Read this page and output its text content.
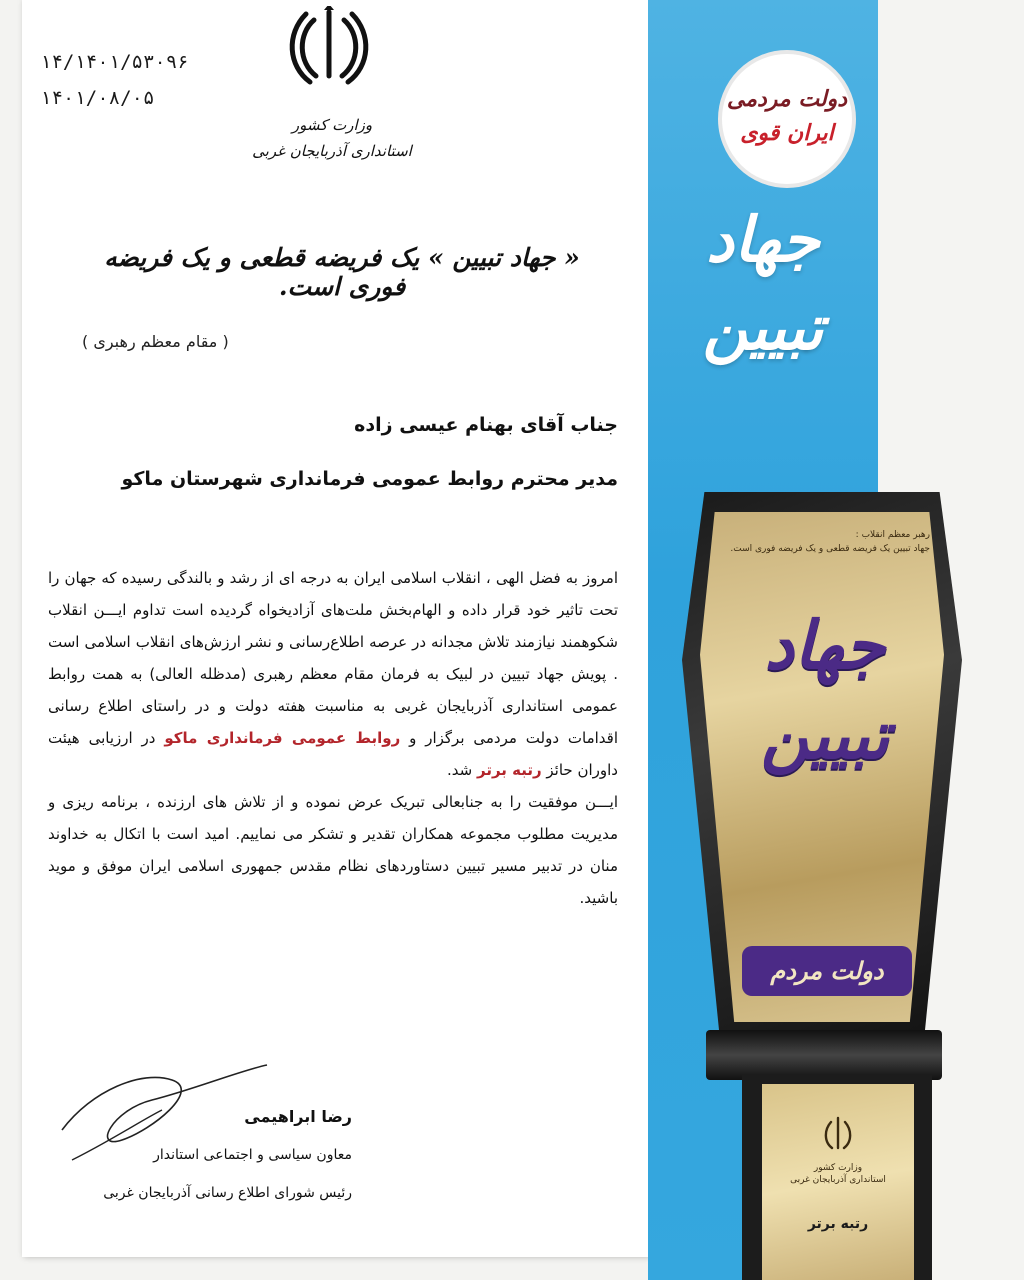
۱۴/۱۴۰۱/۵۳۰۹۶
۱۴۰۱/۰۸/۰۵
وزارت کشور
استانداری آذربایجان غربی
« جهاد تبیین » یک فریضه قطعی و یک فریضه فوری است.
( مقام معظم رهبری )
جناب آقای بهنام عیسی زاده
مدیر محترم روابط عمومی فرمانداری شهرستان ماکو

امروز به فضل الهی ، انقلاب اسلامی ایران به درجه ای از رشد و بالندگی رسیده که جهان را تحت تاثیر خود قرار داده و الهام‌بخش ملت‌های آزادیخواه گردیده است تداوم ایـــن انقلاب شکوهمند نیازمند تلاش مجدانه در عرصه اطلاع‌رسانی و نشر ارزش‌های انقلاب اسلامی است . پویش جهاد تبیین در لبیک به فرمان مقام معظم رهبری (مدظله العالی) به همت روابط عمومی استانداری آذربایجان غربی به مناسبت هفته دولت و در راستای اطلاع رسانی اقدامات دولت مردمی برگزار و روابط عمومی فرمانداری ماکو در ارزیابی هیئت داوران حائز رتبه برتر شد.

ایـــن موفقیت را به جنابعالی تبریک عرض نموده و از تلاش های ارزنده ، برنامه ریزی و مدیریت مطلوب مجموعه همکاران تقدیر و تشکر می نماییم. امید است با اتکال به خداوند منان در تدبیر مسیر تبیین دستاوردهای نظام مقدس جمهوری اسلامی ایران موفق و موید باشید.

رضا ابراهیمی
معاون سیاسی و اجتماعی استاندار
رئیس شورای اطلاع رسانی آذربایجان غربی
دولت مردمی
ایران قوی
جهاد
تبیین
رهبر معظم انقلاب :
جهاد تبیین یک فریضه قطعی و یک فریضه فوری است.
جهاد
تبیین
دولت مردم
وزارت کشور
استانداری آذربایجان غربی
رتبه برتر
